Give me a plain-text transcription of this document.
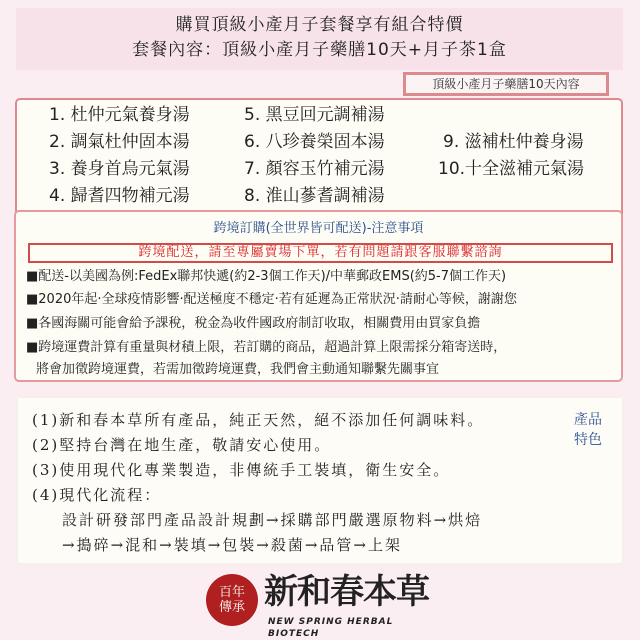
購買頂級小產月子套餐享有組合特價
套餐內容：頂級小產月子藥膳10天+月子茶1盒
頂級小產月子藥膳10天內容
1. 杜仲元氣養身湯
2. 調氣杜仲固本湯
3. 養身首烏元氣湯
4. 歸耆四物補元湯
5. 黑豆回元調補湯
6. 八珍養榮固本湯
7. 顏容玉竹補元湯
8. 淮山蔘耆調補湯
9. 滋補杜仲養身湯
10.十全滋補元氣湯
跨境訂購(全世界皆可配送)-注意事項
跨境配送，請至專屬賣場下單，若有問題請跟客服聯繫諮詢
■配送-以美國為例:FedEx聯邦快遞(約2-3個工作天)/中華郵政EMS(約5-7個工作天)
■2020年起·全球疫情影響·配送極度不穩定·若有延遲為正常狀況·請耐心等候，謝謝您
■各國海關可能會給予課稅，稅金為收件國政府制訂收取，相關費用由買家負擔
■跨境運費計算有重量與材積上限，若訂購的商品，超過計算上限需採分箱寄送時，
將會加徵跨境運費，若需加徵跨境運費，我們會主動通知聯繫先關事宜
產品
特色
(1)新和春本草所有產品，純正天然，絕不添加任何調味料。
(2)堅持台灣在地生產，敬請安心使用。
(3)使用現代化專業製造，非傳統手工裝填，衛生安全。
(4)現代化流程：
設計研發部門產品設計規劃→採購部門嚴選原物料→烘焙
→搗碎→混和→裝填→包裝→殺菌→品管→上架
百年
傳承 新和春本草
NEW SPRING HERBAL BIOTECH
